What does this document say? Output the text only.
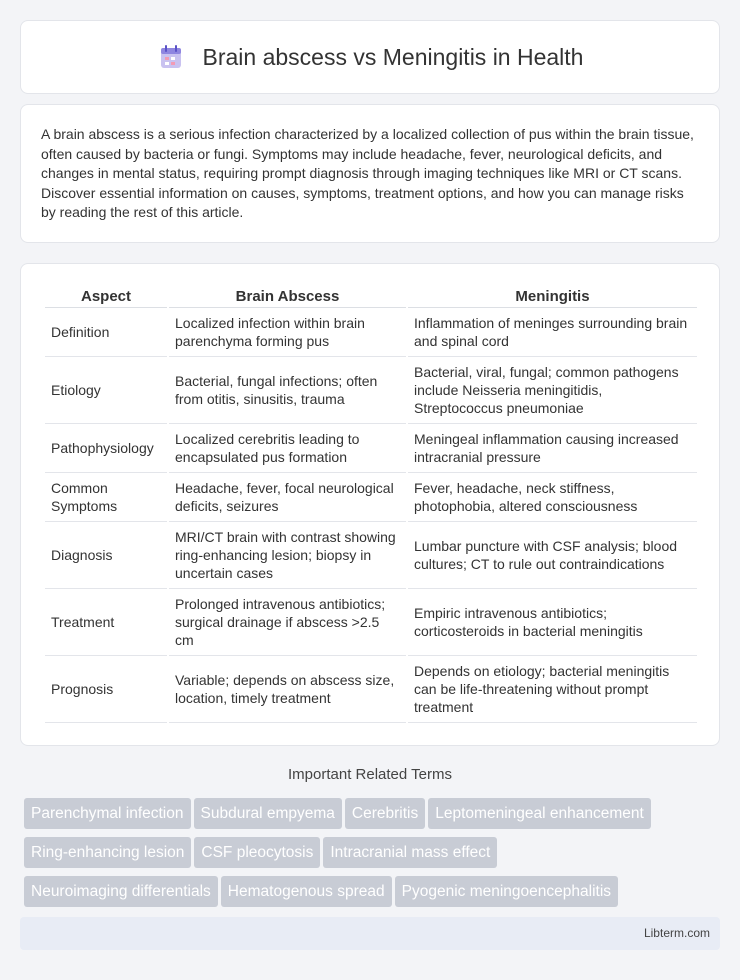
Brain abscess vs Meningitis in Health

A brain abscess is a serious infection characterized by a localized collection of pus within the brain tissue, often caused by bacteria or fungi. Symptoms may include headache, fever, neurological deficits, and changes in mental status, requiring prompt diagnosis through imaging techniques like MRI or CT scans. Discover essential information on causes, symptoms, treatment options, and how you can manage risks by reading the rest of this article.

Aspect	Brain Abscess	Meningitis
Definition	Localized infection within brain parenchyma forming pus	Inflammation of meninges surrounding brain and spinal cord
Etiology	Bacterial, fungal infections; often from otitis, sinusitis, trauma	Bacterial, viral, fungal; common pathogens include Neisseria meningitidis, Streptococcus pneumoniae
Pathophysiology	Localized cerebritis leading to encapsulated pus formation	Meningeal inflammation causing increased intracranial pressure
Common Symptoms	Headache, fever, focal neurological deficits, seizures	Fever, headache, neck stiffness, photophobia, altered consciousness
Diagnosis	MRI/CT brain with contrast showing ring-enhancing lesion; biopsy in uncertain cases	Lumbar puncture with CSF analysis; blood cultures; CT to rule out contraindications
Treatment	Prolonged intravenous antibiotics; surgical drainage if abscess >2.5 cm	Empiric intravenous antibiotics; corticosteroids in bacterial meningitis
Prognosis	Variable; depends on abscess size, location, timely treatment	Depends on etiology; bacterial meningitis can be life-threatening without prompt treatment
Important Related Terms
Parenchymal infection Subdural empyema Cerebritis Leptomeningeal enhancement
Ring-enhancing lesion CSF pleocytosis Intracranial mass effect
Neuroimaging differentials Hematogenous spread Pyogenic meningoencephalitis
Libterm.com
